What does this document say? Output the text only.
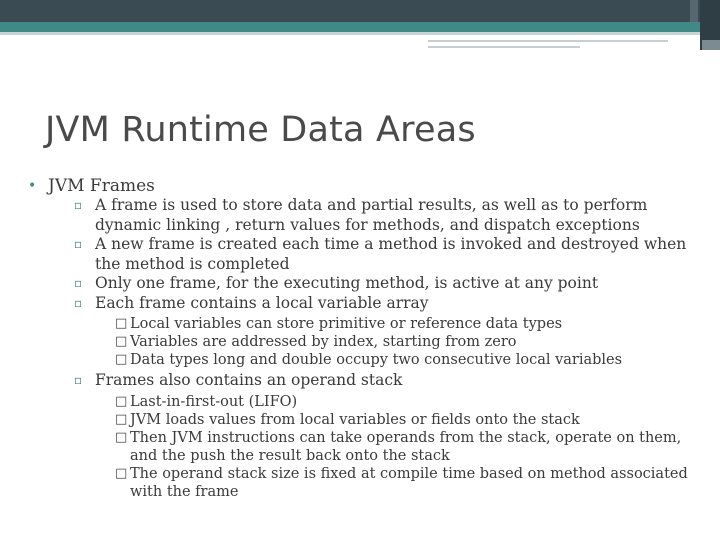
JVM Runtime Data Areas
• JVM Frames
▫ A frame is used to store data and partial results, as well as to perform dynamic linking , return values for methods, and dispatch exceptions
▫ A new frame is created each time a method is invoked and destroyed when the method is completed
▫ Only one frame, for the executing method, is active at any point
▫ Each frame contains a local variable array
□ Local variables can store primitive or reference data types
□ Variables are addressed by index, starting from zero
□ Data types long and double occupy two consecutive local variables
▫ Frames also contains an operand stack
□ Last-in-first-out (LIFO)
□ JVM loads values from local variables or fields onto the stack
□ Then JVM instructions can take operands from the stack, operate on them, and the push the result back onto the stack
□ The operand stack size is fixed at compile time based on method associated with the frame
